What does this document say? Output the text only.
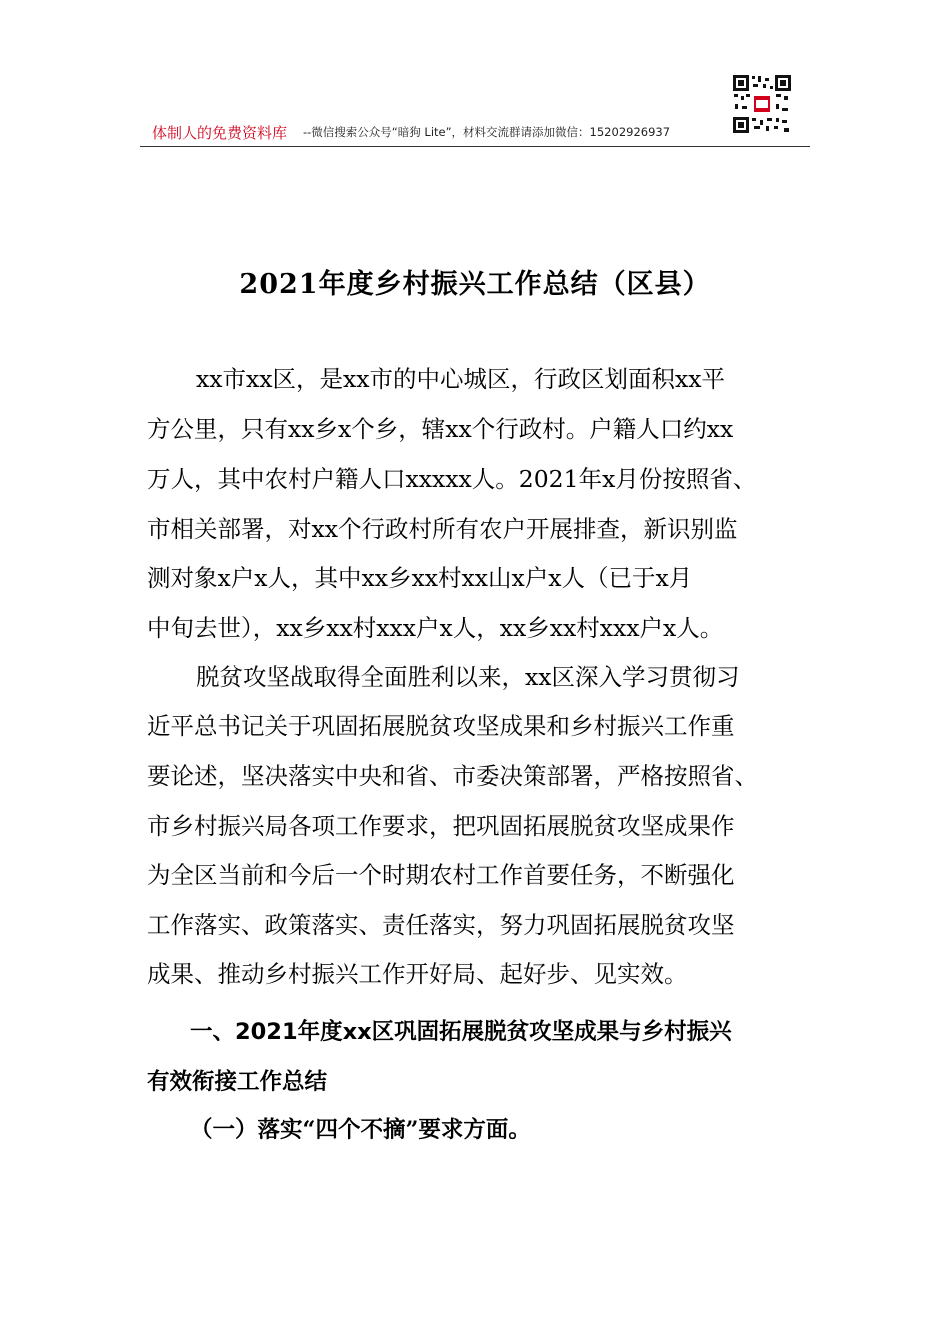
体制人的免费资料库 --微信搜索公众号“暗狗 Lite”，材料交流群请添加微信：15202926937
2021年度乡村振兴工作总结（区县）
xx市xx区，是xx市的中心城区，行政区划面积xx平
方公里，只有xx乡x个乡，辖xx个行政村。户籍人口约xx
万人，其中农村户籍人口xxxxx人。2021年x月份按照省、
市相关部署，对xx个行政村所有农户开展排查，新识别监
测对象x户x人，其中xx乡xx村xx山x户x人（已于x月
中旬去世），xx乡xx村xxx户x人，xx乡xx村xxx户x人。
脱贫攻坚战取得全面胜利以来，xx区深入学习贯彻习
近平总书记关于巩固拓展脱贫攻坚成果和乡村振兴工作重
要论述，坚决落实中央和省、市委决策部署，严格按照省、
市乡村振兴局各项工作要求，把巩固拓展脱贫攻坚成果作
为全区当前和今后一个时期农村工作首要任务，不断强化
工作落实、政策落实、责任落实，努力巩固拓展脱贫攻坚
成果、推动乡村振兴工作开好局、起好步、见实效。
一、2021年度xx区巩固拓展脱贫攻坚成果与乡村振兴
有效衔接工作总结
（一）落实“四个不摘”要求方面。
